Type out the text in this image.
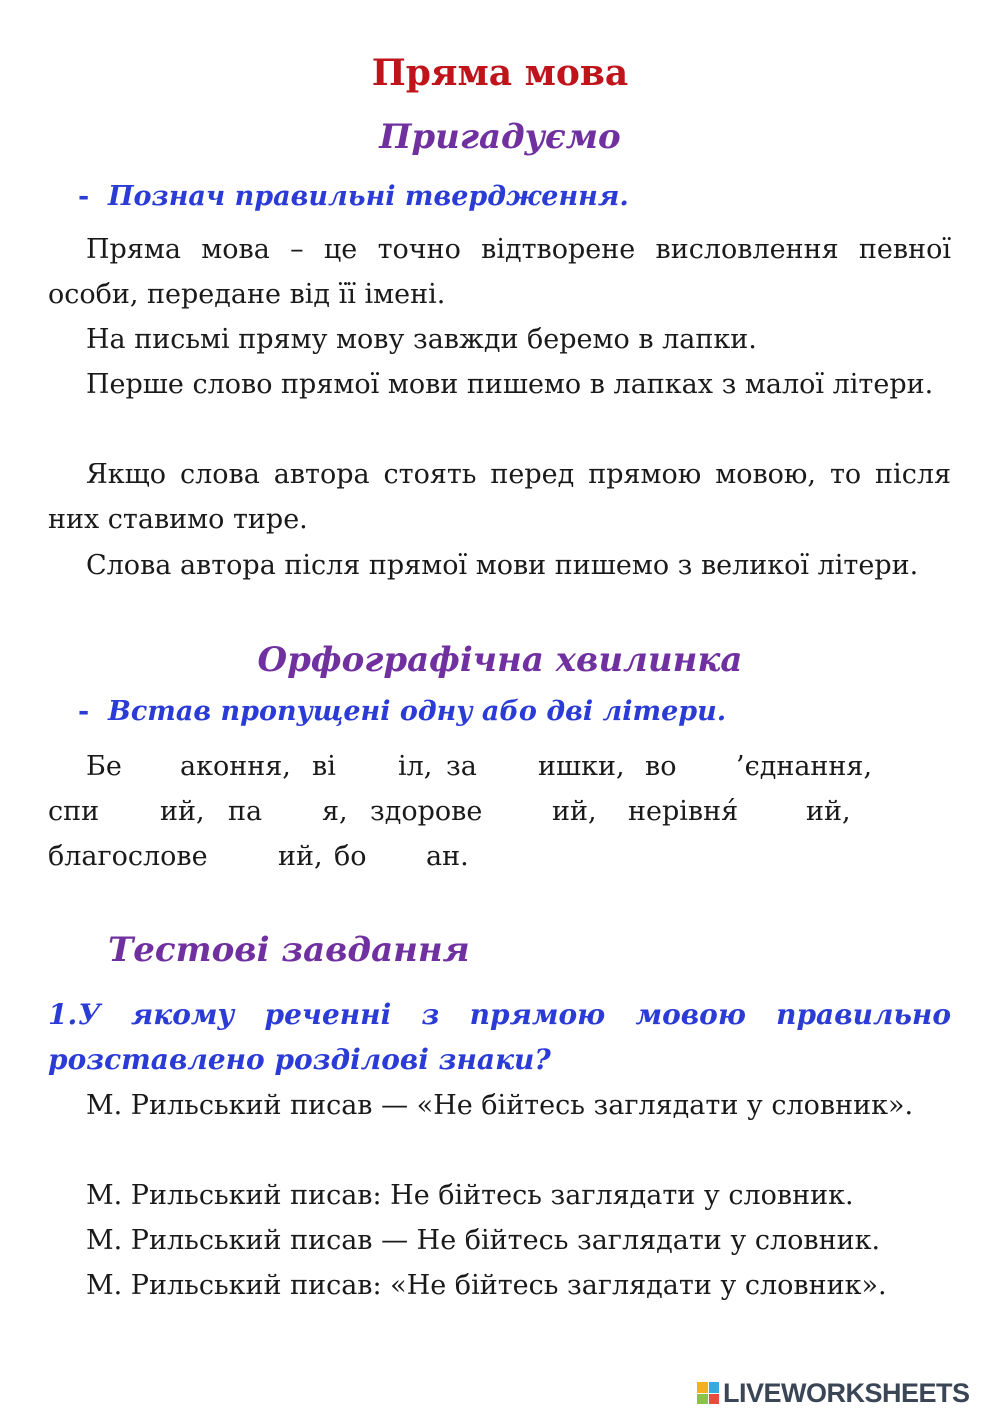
Пряма мова
Пригадуємо
- Познач правильні твердження.
Пряма мова – це точно відтворене висловлення певної особи, передане від її імені.
На письмі пряму мову завжди беремо в лапки.
Перше слово прямої мови пишемо в лапках з малої літери.
Якщо слова автора стоять перед прямою мовою, то після них ставимо тире.
Слова автора після прямої мови пишемо з великої літери.
Орфографічна хвилинка
- Встав пропущені одну або дві літери.
Бе аконня, ві іл, за ишки, во ’єднання,
спи ий, па я, здорове	ий, нерівня́	ий,
благослове	ий, бо ан.
Тестові завдання
1.У якому реченні з прямою мовою правильно розставлено розділові знаки?
М. Рильський писав — «Не бійтесь заглядати у словник».
М. Рильський писав: Не бійтесь заглядати у словник.
М. Рильський писав — Не бійтесь заглядати у словник.
М. Рильський писав: «Не бійтесь заглядати у словник».
LIVEWORKSHEETS
